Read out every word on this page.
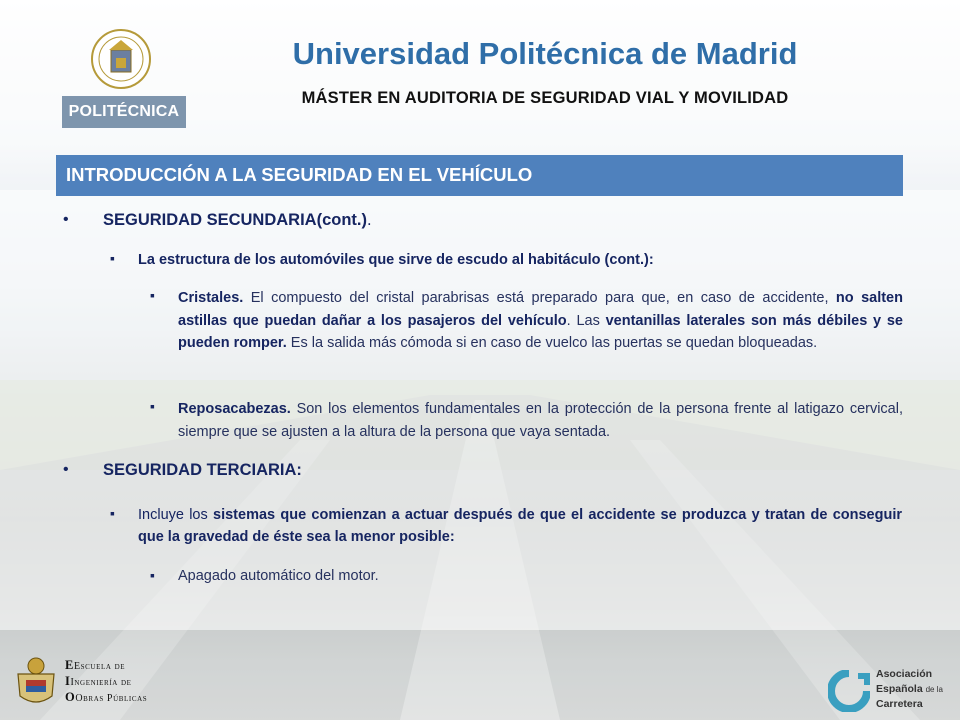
POLITÉCNICA
Universidad Politécnica de Madrid
MÁSTER EN AUDITORIA DE SEGURIDAD VIAL Y MOVILIDAD
INTRODUCCIÓN A LA SEGURIDAD EN EL VEHÍCULO
• SEGURIDAD SECUNDARIA(cont.).
▪ La estructura de los automóviles que sirve de escudo al habitáculo (cont.):
▪ Cristales. El compuesto del cristal parabrisas está preparado para que, en caso de accidente, no salten astillas que puedan dañar a los pasajeros del vehículo. Las ventanillas laterales son más débiles y se pueden romper. Es la salida más cómoda si en caso de vuelco las puertas se quedan bloqueadas.
▪ Reposacabezas. Son los elementos fundamentales en la protección de la persona frente al latigazo cervical, siempre que se ajusten a la altura de la persona que vaya sentada.
• SEGURIDAD TERCIARIA:
▪ Incluye los sistemas que comienzan a actuar después de que el accidente se produzca y tratan de conseguir que la gravedad de éste sea la menor posible:
▪ Apagado automático del motor.
EEscuela de
IIngeniería de
OObras Públicas
Asociación
Española de la
Carretera
